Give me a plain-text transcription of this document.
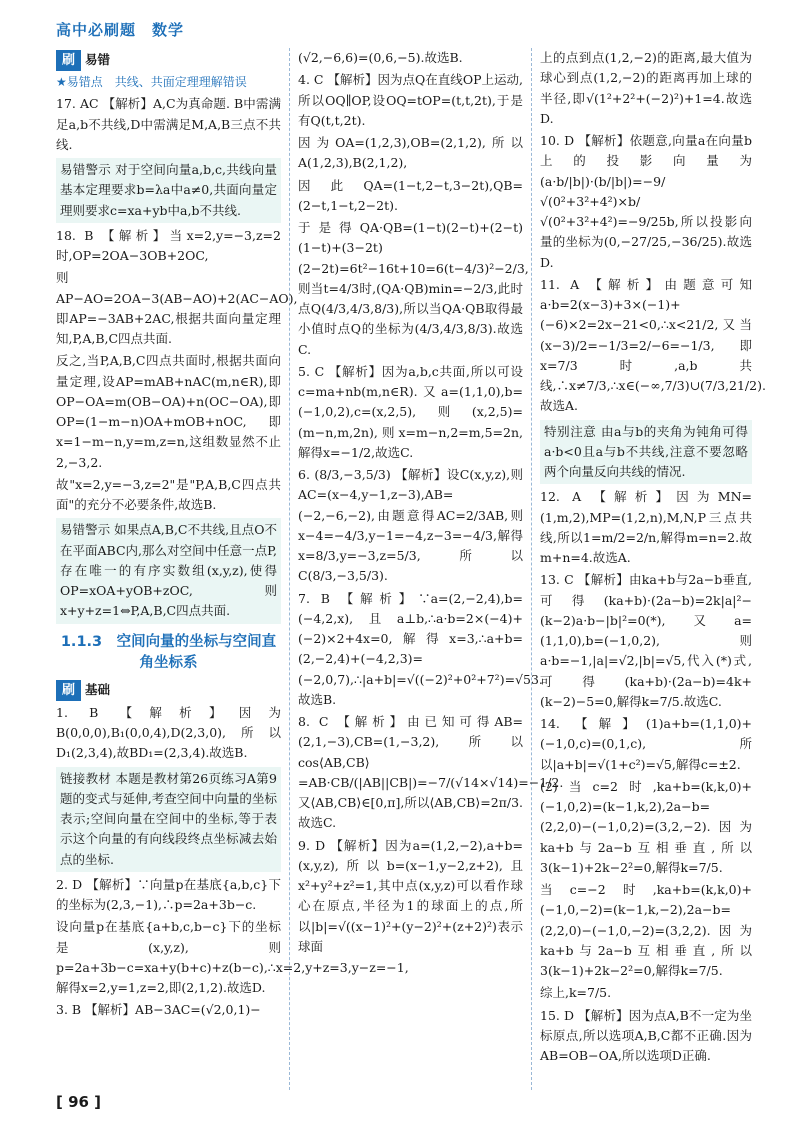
高中必刷题　数学
刷 易错
★易错点　共线、共面定理理解错误
17. AC 【解析】A,C为真命题. B中需满足a,b不共线,D中需满足M,A,B三点不共线.
易错警示 对于空间向量a,b,c,共线向量基本定理要求b=λa中a≠0,共面向量定理则要求c=xa+yb中a,b不共线.
18. B 【解析】当x=2,y=−3,z=2时,OP=2OA−3OB+2OC,
则AP−AO=2OA−3(AB−AO)+2(AC−AO),即AP=−3AB+2AC,根据共面向量定理知,P,A,B,C四点共面.
反之,当P,A,B,C四点共面时,根据共面向量定理,设AP=mAB+nAC(m,n∈R),即OP−OA=m(OB−OA)+n(OC−OA),即OP=(1−m−n)OA+mOB+nOC,即x=1−m−n,y=m,z=n,这组数显然不止2,−3,2.
故"x=2,y=−3,z=2"是"P,A,B,C四点共面"的充分不必要条件,故选B.
易错警示 如果点A,B,C不共线,且点O不在平面ABC内,那么对空间中任意一点P,存在唯一的有序实数组(x,y,z),使得OP=xOA+yOB+zOC,则x+y+z=1⇔P,A,B,C四点共面.
1.1.3　空间向量的坐标与空间直角坐标系
刷 基础
1. B 【解析】因为B(0,0,0),B₁(0,0,4),D(2,3,0),所以D₁(2,3,4),故BD₁=(2,3,4).故选B.
链接教材 本题是教材第26页练习A第9题的变式与延伸,考查空间中向量的坐标表示;空间向量在空间中的坐标,等于表示这个向量的有向线段终点坐标减去始点的坐标.
2. D 【解析】∵向量p在基底{a,b,c}下的坐标为(2,3,−1),∴p=2a+3b−c.
设向量p在基底{a+b,c,b−c}下的坐标是(x,y,z),则p=2a+3b−c=xa+y(b+c)+z(b−c),∴x=2,y+z=3,y−z=−1,解得x=2,y=1,z=2,即(2,1,2).故选D.
3. B 【解析】AB−3AC=(√2,0,1)−
(√2,−6,6)=(0,6,−5).故选B.
4. C 【解析】因为点Q在直线OP上运动,所以OQ∥OP,设OQ=tOP=(t,t,2t),于是有Q(t,t,2t).
因为OA=(1,2,3),OB=(2,1,2),所以A(1,2,3),B(2,1,2),
因此QA=(1−t,2−t,3−2t),QB=(2−t,1−t,2−2t).
于是得QA·QB=(1−t)(2−t)+(2−t)(1−t)+(3−2t)(2−2t)=6t²−16t+10=6(t−4/3)²−2/3,则当t=4/3时,(QA·QB)min=−2/3,此时点Q(4/3,4/3,8/3),所以当QA·QB取得最小值时点Q的坐标为(4/3,4/3,8/3).故选C.
5. C 【解析】因为a,b,c共面,所以可设c=ma+nb(m,n∈R).又a=(1,1,0),b=(−1,0,2),c=(x,2,5),则(x,2,5)=(m−n,m,2n),则x=m−n,2=m,5=2n,解得x=−1/2,故选C.
6. (8/3,−3,5/3) 【解析】设C(x,y,z),则AC=(x−4,y−1,z−3),AB=(−2,−6,−2),由题意得AC=2/3AB,则x−4=−4/3,y−1=−4,z−3=−4/3,解得x=8/3,y=−3,z=5/3,所以C(8/3,−3,5/3).
7. B 【解析】∵a=(2,−2,4),b=(−4,2,x),且a⊥b,∴a·b=2×(−4)+(−2)×2+4x=0,解得x=3,∴a+b=(2,−2,4)+(−4,2,3)=(−2,0,7),∴|a+b|=√((−2)²+0²+7²)=√53.故选B.
8. C 【解析】由已知可得AB=(2,1,−3),CB=(1,−3,2),所以cos⟨AB,CB⟩=AB·CB/(|AB||CB|)=−7/(√14×√14)=−1/2.又⟨AB,CB⟩∈[0,π],所以⟨AB,CB⟩=2π/3.故选C.
9. D 【解析】因为a=(1,2,−2),a+b=(x,y,z),所以b=(x−1,y−2,z+2),且x²+y²+z²=1,其中点(x,y,z)可以看作球心在原点,半径为1的球面上的点,所以|b|=√((x−1)²+(y−2)²+(z+2)²)表示球面
上的点到点(1,2,−2)的距离,最大值为球心到点(1,2,−2)的距离再加上球的半径,即√(1²+2²+(−2)²)+1=4.故选D.
10. D 【解析】依题意,向量a在向量b上的投影向量为(a·b/|b|)·(b/|b|)=−9/√(0²+3²+4²)×b/√(0²+3²+4²)=−9/25b,所以投影向量的坐标为(0,−27/25,−36/25).故选D.
11. A 【解析】由题意可知a·b=2(x−3)+3×(−1)+(−6)×2=2x−21<0,∴x<21/2,又当(x−3)/2=−1/3=2/−6=−1/3,即x=7/3时,a,b共线,∴x≠7/3,∴x∈(−∞,7/3)∪(7/3,21/2).故选A.
特别注意 由a与b的夹角为钝角可得a·b<0且a与b不共线,注意不要忽略两个向量反向共线的情况.
12. A 【解析】因为MN=(1,m,2),MP=(1,2,n),M,N,P三点共线,所以1=m/2=2/n,解得m=n=2.故m+n=4.故选A.
13. C 【解析】由ka+b与2a−b垂直,可得(ka+b)·(2a−b)=2k|a|²−(k−2)a·b−|b|²=0(*),又a=(1,1,0),b=(−1,0,2),则a·b=−1,|a|=√2,|b|=√5,代入(*)式,可得(ka+b)·(2a−b)=4k+(k−2)−5=0,解得k=7/5.故选C.
14. 【解】(1)a+b=(1,1,0)+(−1,0,c)=(0,1,c),所以|a+b|=√(1+c²)=√5,解得c=±2.
(2)当c=2时,ka+b=(k,k,0)+(−1,0,2)=(k−1,k,2),2a−b=(2,2,0)−(−1,0,2)=(3,2,−2).因为ka+b与2a−b互相垂直,所以3(k−1)+2k−2²=0,解得k=7/5.
当c=−2时,ka+b=(k,k,0)+(−1,0,−2)=(k−1,k,−2),2a−b=(2,2,0)−(−1,0,−2)=(3,2,2).因为ka+b与2a−b互相垂直,所以3(k−1)+2k−2²=0,解得k=7/5.
综上,k=7/5.
15. D 【解析】因为点A,B不一定为坐标原点,所以选项A,B,C都不正确.因为AB=OB−OA,所以选项D正确.
[ 96 ]
